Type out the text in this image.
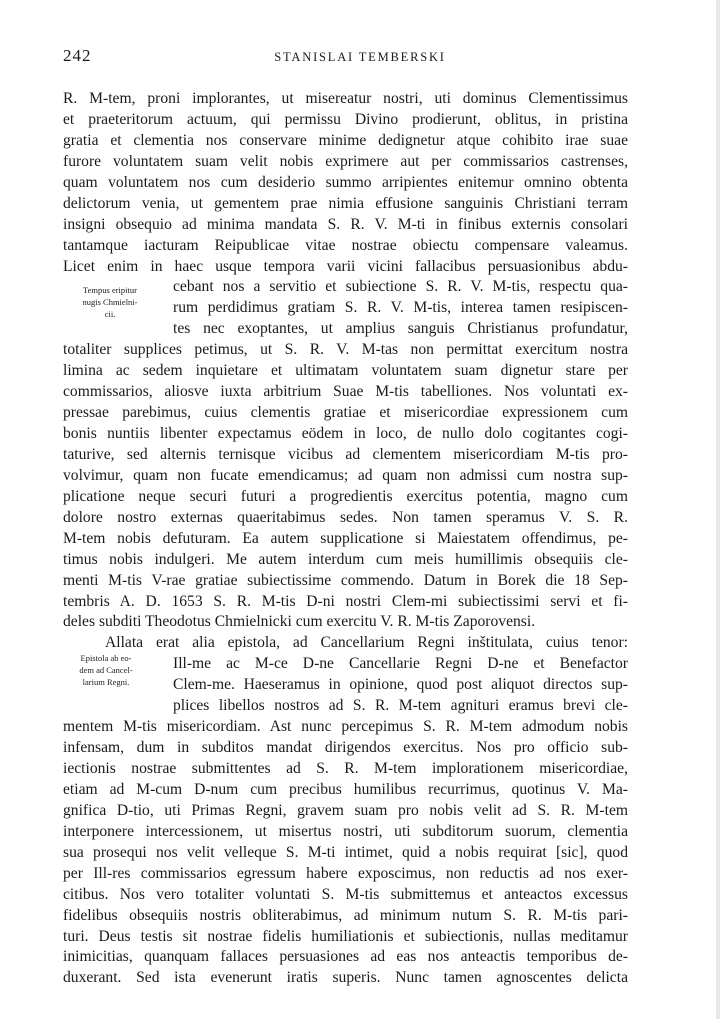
242	STANISLAI TEMBERSKI
R. M-tem, proni implorantes, ut misereatur nostri, uti dominus Clementissimus
et praeteritorum actuum, qui permissu Divino prodierunt, oblitus, in pristina
gratia et clementia nos conservare minime dedignetur atque cohibito irae suae
furore voluntatem suam velit nobis exprimere aut per commissarios castrenses,
quam voluntatem nos cum desiderio summo arripientes enitemur omnino obtenta
delictorum venia, ut gementem prae nimia effusione sanguinis Christiani terram
insigni obsequio ad minima mandata S. R. V. M-ti in finibus externis consolari
tantamque iacturam Reipublicae vitae nostrae obiectu compensare valeamus.
Licet enim in haec usque tempora varii vicini fallacibus persuasionibus abdu-
cebant nos a servitio et subiectione S. R. V. M-tis, respectu qua-
rum perdidimus gratiam S. R. V. M-tis, interea tamen resipiscen-
tes nec exoptantes, ut amplius sanguis Christianus profundatur,
totaliter supplices petimus, ut S. R. V. M-tas non permittat exercitum nostra
limina ac sedem inquietare et ultimatam voluntatem suam dignetur stare per
commissarios, aliosve iuxta arbitrium Suae M-tis tabelliones. Nos voluntati ex-
pressae parebimus, cuius clementis gratiae et misericordiae expressionem cum
bonis nuntiis libenter expectamus eödem in loco, de nullo dolo cogitantes cogi-
taturive, sed alternis ternisque vicibus ad clementem misericordiam M-tis pro-
volvimur, quam non fucate emendicamus; ad quam non admissi cum nostra sup-
plicatione neque securi futuri a progredientis exercitus potentia, magno cum
dolore nostro externas quaeritabimus sedes. Non tamen speramus V. S. R.
M-tem nobis defuturam. Ea autem supplicatione si Maiestatem offendimus, pe-
timus nobis indulgeri. Me autem interdum cum meis humillimis obsequiis cle-
menti M-tis V-rae gratiae subiectissime commendo. Datum in Borek die 18 Sep-
tembris A. D. 1653 S. R. M-tis D-ni nostri Clem-mi subiectissimi servi et fi-
deles subditi Theodotus Chmielnicki cum exercitu V. R. M-tis Zaporovensi.
Allata erat alia epistola, ad Cancellarium Regni inštitulata, cuius tenor:
Ill-me ac M-ce D-ne Cancellarie Regni D-ne et Benefactor
Clem-me. Haeseramus in opinione, quod post aliquot directos sup-
plices libellos nostros ad S. R. M-tem agnituri eramus brevi cle-
mentem M-tis misericordiam. Ast nunc percepimus S. R. M-tem admodum nobis
infensam, dum in subditos mandat dirigendos exercitus. Nos pro officio sub-
iectionis nostrae submittentes ad S. R. M-tem implorationem misericordiae,
etiam ad M-cum D-num cum precibus humilibus recurrimus, quotinus V. Ma-
gnifica D-tio, uti Primas Regni, gravem suam pro nobis velit ad S. R. M-tem
interponere intercessionem, ut misertus nostri, uti subditorum suorum, clementia
sua prosequi nos velit velleque S. M-ti intimet, quid a nobis requirat [sic], quod
per Ill-res commissarios egressum habere exposcimus, non reductis ad nos exer-
citibus. Nos vero totaliter voluntati S. M-tis submittemus et anteactos excessus
fidelibus obsequiis nostris obliterabimus, ad minimum nutum S. R. M-tis pari-
turi. Deus testis sit nostrae fidelis humiliationis et subiectionis, nullas meditamur
inimicitias, quanquam fallaces persuasiones ad eas nos anteactis temporibus de-
duxerant. Sed ista evenerunt iratis superis. Nunc tamen agnoscentes delicta
Tempus eripitur
nugis Chmielni-
cii.
Epistola ab eo-
dem ad Cancel-
larium Regni.
